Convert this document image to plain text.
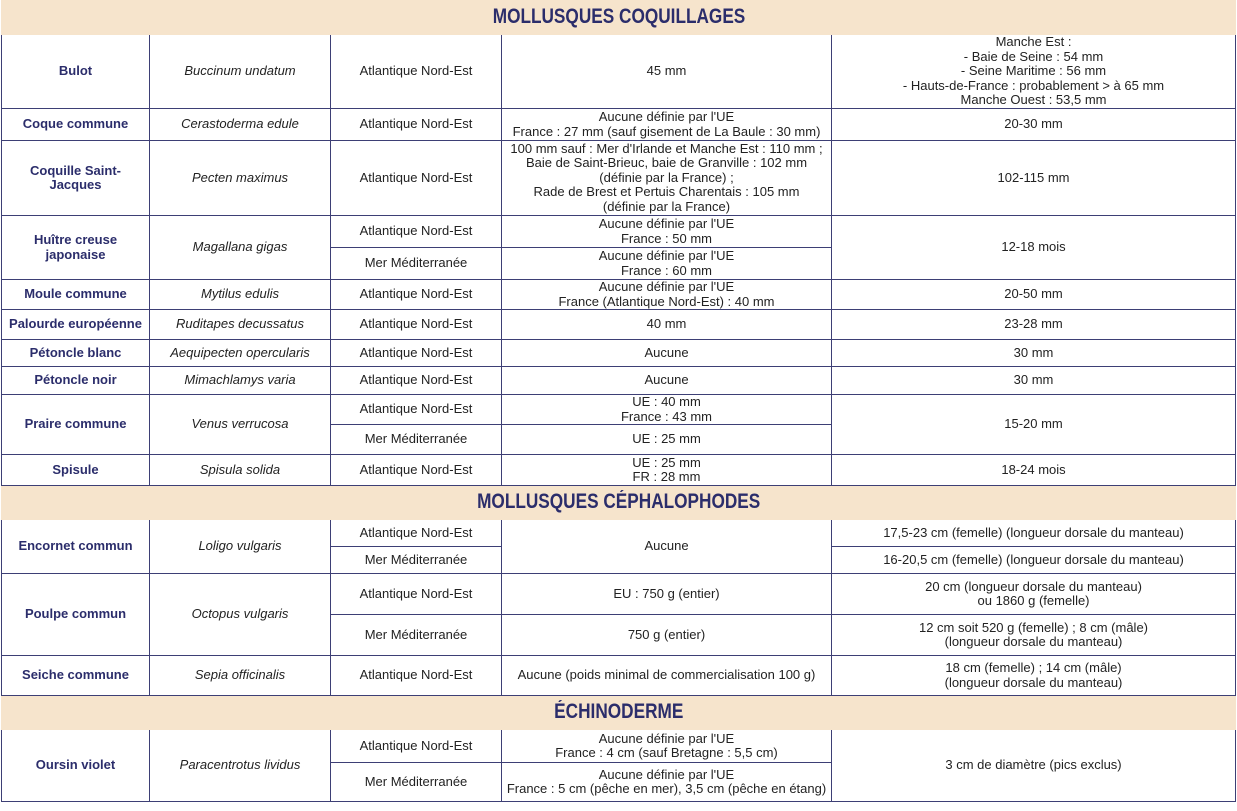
MOLLUSQUES COQUILLAGES				
Bulot	Buccinum undatum	Atlantique Nord-Est	45 mm	Manche Est :
- Baie de Seine : 54 mm
- Seine Maritime : 56 mm
- Hauts-de-France : probablement > à 65 mm
Manche Ouest : 53,5 mm
Coque commune	Cerastoderma edule	Atlantique Nord-Est	Aucune définie par l'UE
France : 27 mm (sauf gisement de La Baule : 30 mm)	20-30 mm
Coquille Saint-Jacques	Pecten maximus	Atlantique Nord-Est	100 mm sauf : Mer d'Irlande et Manche Est : 110 mm ;
Baie de Saint-Brieuc, baie de Granville : 102 mm
(définie par la France) ;
Rade de Brest et Pertuis Charentais : 105 mm
(définie par la France)	102-115 mm
Huître creuse japonaise	Magallana gigas	Atlantique Nord-Est	Aucune définie par l'UE
France : 50 mm	12-18 mois
		Mer Méditerranée	Aucune définie par l'UE
France : 60 mm	
Moule commune	Mytilus edulis	Atlantique Nord-Est	Aucune définie par l'UE
France (Atlantique Nord-Est) : 40 mm	20-50 mm
Palourde européenne	Ruditapes decussatus	Atlantique Nord-Est	40 mm	23-28 mm
Pétoncle blanc	Aequipecten opercularis	Atlantique Nord-Est	Aucune	30 mm
Pétoncle noir	Mimachlamys varia	Atlantique Nord-Est	Aucune	30 mm
Praire commune	Venus verrucosa	Atlantique Nord-Est	UE : 40 mm
France : 43 mm	15-20 mm
		Mer Méditerranée	UE : 25 mm	
Spisule	Spisula solida	Atlantique Nord-Est	UE : 25 mm
FR : 28 mm	18-24 mois
MOLLUSQUES CÉPHALOPHODES				
Encornet commun	Loligo vulgaris	Atlantique Nord-Est	Aucune	17,5-23 cm (femelle) (longueur dorsale du manteau)
		Mer Méditerranée		16-20,5 cm (femelle) (longueur dorsale du manteau)
Poulpe commun	Octopus vulgaris	Atlantique Nord-Est	EU : 750 g (entier)	20 cm (longueur dorsale du manteau)
ou 1860 g (femelle)
		Mer Méditerranée	750 g (entier)	12 cm soit 520 g (femelle) ; 8 cm (mâle)
(longueur dorsale du manteau)
Seiche commune	Sepia officinalis	Atlantique Nord-Est	Aucune (poids minimal de commercialisation 100 g)	18 cm (femelle) ; 14 cm (mâle)
(longueur dorsale du manteau)
ÉCHINODERME				
Oursin violet	Paracentrotus lividus	Atlantique Nord-Est	Aucune définie par l'UE
France : 4 cm (sauf Bretagne : 5,5 cm)	3 cm de diamètre (pics exclus)
		Mer Méditerranée	Aucune définie par l'UE
France : 5 cm (pêche en mer), 3,5 cm (pêche en étang)	
